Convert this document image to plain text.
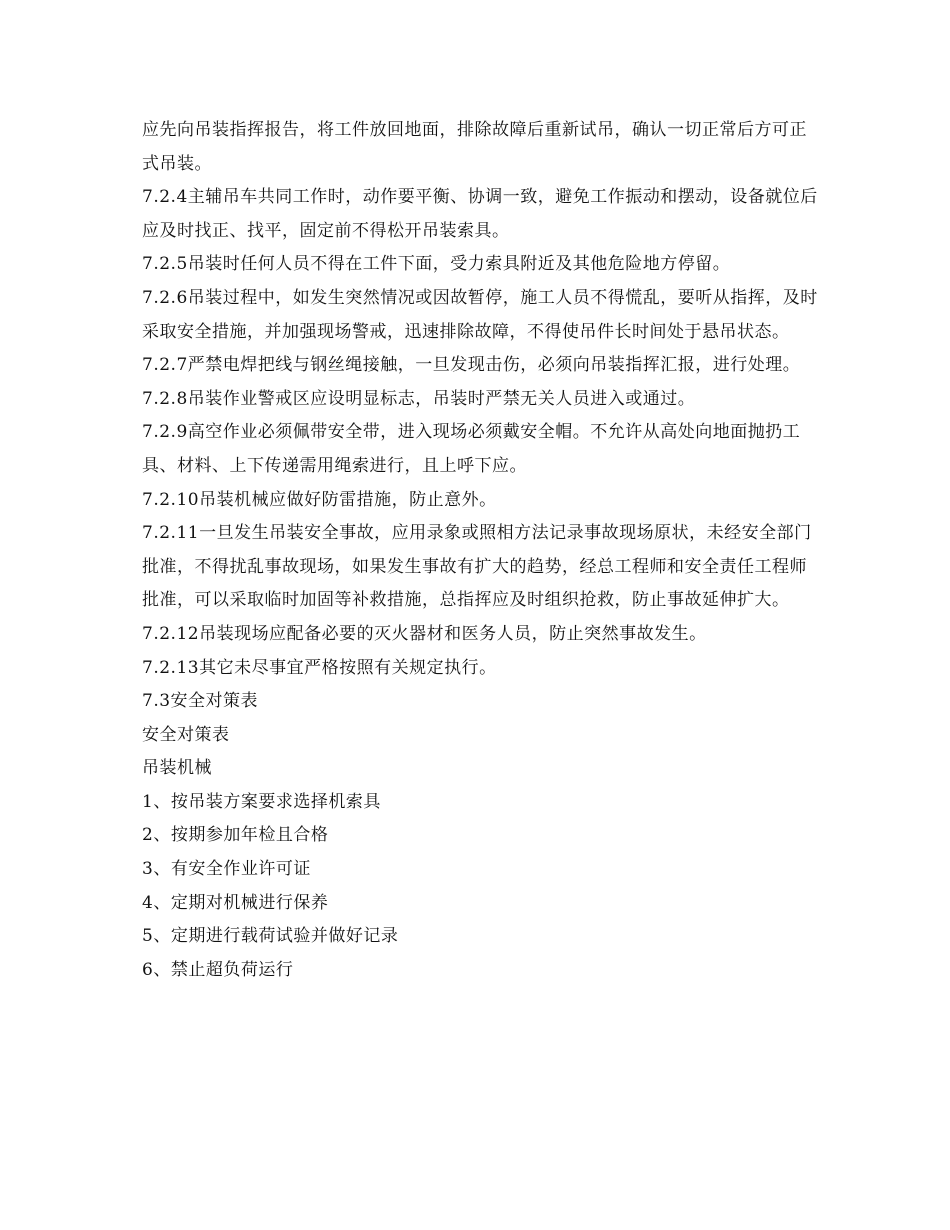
应先向吊装指挥报告，将工件放回地面，排除故障后重新试吊，确认一切正常后方可正式吊装。

7.2.4主辅吊车共同工作时，动作要平衡、协调一致，避免工作振动和摆动，设备就位后应及时找正、找平，固定前不得松开吊装索具。

7.2.5吊装时任何人员不得在工件下面，受力索具附近及其他危险地方停留。

7.2.6吊装过程中，如发生突然情况或因故暂停，施工人员不得慌乱，要听从指挥，及时采取安全措施，并加强现场警戒，迅速排除故障，不得使吊件长时间处于悬吊状态。

7.2.7严禁电焊把线与钢丝绳接触，一旦发现击伤，必须向吊装指挥汇报，进行处理。

7.2.8吊装作业警戒区应设明显标志，吊装时严禁无关人员进入或通过。

7.2.9高空作业必须佩带安全带，进入现场必须戴安全帽。不允许从高处向地面抛扔工具、材料、上下传递需用绳索进行，且上呼下应。

7.2.10吊装机械应做好防雷措施，防止意外。

7.2.11一旦发生吊装安全事故，应用录象或照相方法记录事故现场原状，未经安全部门批准，不得扰乱事故现场，如果发生事故有扩大的趋势，经总工程师和安全责任工程师批准，可以采取临时加固等补救措施，总指挥应及时组织抢救，防止事故延伸扩大。

7.2.12吊装现场应配备必要的灭火器材和医务人员，防止突然事故发生。

7.2.13其它未尽事宜严格按照有关规定执行。

7.3安全对策表

安全对策表

吊装机械

1、按吊装方案要求选择机索具

2、按期参加年检且合格

3、有安全作业许可证

4、定期对机械进行保养

5、定期进行载荷试验并做好记录

6、禁止超负荷运行
